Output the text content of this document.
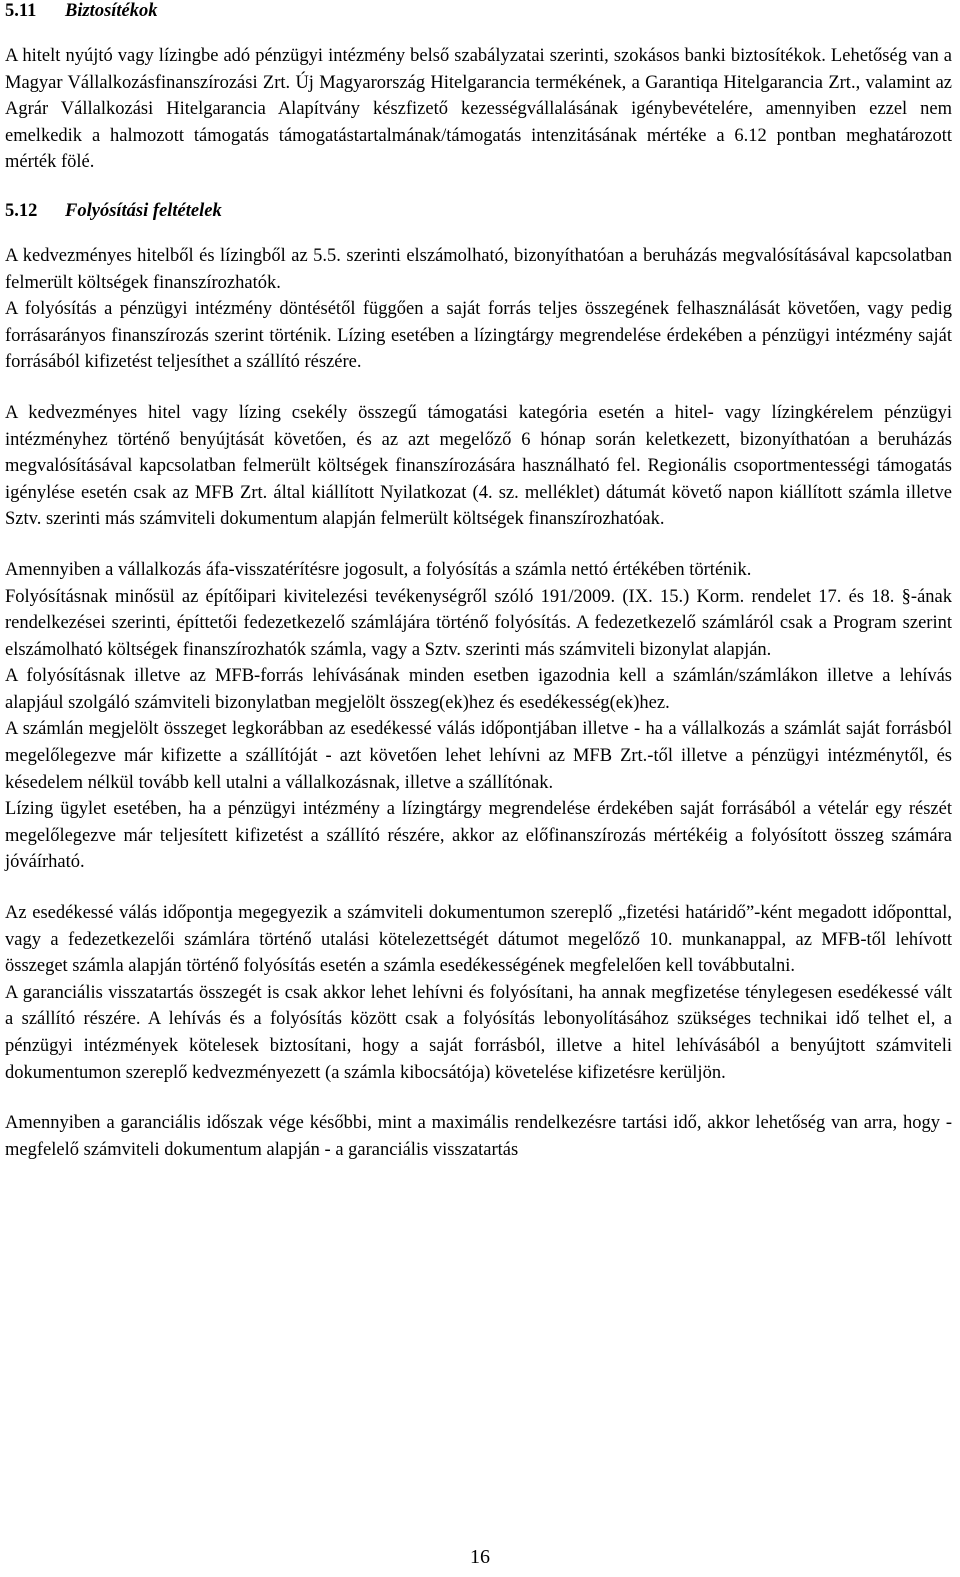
5.11 Biztosítékok

A hitelt nyújtó vagy lízingbe adó pénzügyi intézmény belső szabályzatai szerinti, szokásos banki biztosítékok. Lehetőség van a Magyar Vállalkozásfinanszírozási Zrt. Új Magyarország Hitelgarancia termékének, a Garantiqa Hitelgarancia Zrt., valamint az Agrár Vállalkozási Hitelgarancia Alapítvány készfizető kezességvállalásának igénybevételére, amennyiben ezzel nem emelkedik a halmozott támogatás támogatástartalmának/támogatás intenzitásának mértéke a 6.12 pontban meghatározott mérték fölé.

5.12 Folyósítási feltételek

A kedvezményes hitelből és lízingből az 5.5. szerinti elszámolható, bizonyíthatóan a beruházás megvalósításával kapcsolatban felmerült költségek finanszírozhatók.

A folyósítás a pénzügyi intézmény döntésétől függően a saját forrás teljes összegének felhasználását követően, vagy pedig forrásarányos finanszírozás szerint történik. Lízing esetében a lízingtárgy megrendelése érdekében a pénzügyi intézmény saját forrásából kifizetést teljesíthet a szállító részére.

A kedvezményes hitel vagy lízing csekély összegű támogatási kategória esetén a hitel- vagy lízingkérelem pénzügyi intézményhez történő benyújtását követően, és az azt megelőző 6 hónap során keletkezett, bizonyíthatóan a beruházás megvalósításával kapcsolatban felmerült költségek finanszírozására használható fel. Regionális csoportmentességi támogatás igénylése esetén csak az MFB Zrt. által kiállított Nyilatkozat (4. sz. melléklet) dátumát követő napon kiállított számla illetve Sztv. szerinti más számviteli dokumentum alapján felmerült költségek finanszírozhatóak.

Amennyiben a vállalkozás áfa-visszatérítésre jogosult, a folyósítás a számla nettó értékében történik.

Folyósításnak minősül az építőipari kivitelezési tevékenységről szóló 191/2009. (IX. 15.) Korm. rendelet 17. és 18. §-ának rendelkezései szerinti, építtetői fedezetkezelő számlájára történő folyósítás. A fedezetkezelő számláról csak a Program szerint elszámolható költségek finanszírozhatók számla, vagy a Sztv. szerinti más számviteli bizonylat alapján.

A folyósításnak illetve az MFB-forrás lehívásának minden esetben igazodnia kell a számlán/számlákon illetve a lehívás alapjául szolgáló számviteli bizonylatban megjelölt összeg(ek)hez és esedékesség(ek)hez.

A számlán megjelölt összeget legkorábban az esedékessé válás időpontjában illetve - ha a vállalkozás a számlát saját forrásból megelőlegezve már kifizette a szállítóját - azt követően lehet lehívni az MFB Zrt.-től illetve a pénzügyi intézménytől, és késedelem nélkül tovább kell utalni a vállalkozásnak, illetve a szállítónak.

Lízing ügylet esetében, ha a pénzügyi intézmény a lízingtárgy megrendelése érdekében saját forrásából a vételár egy részét megelőlegezve már teljesített kifizetést a szállító részére, akkor az előfinanszírozás mértékéig a folyósított összeg számára jóváírható.

Az esedékessé válás időpontja megegyezik a számviteli dokumentumon szereplő „fizetési határidő”-ként megadott időponttal, vagy a fedezetkezelői számlára történő utalási kötelezettségét dátumot megelőző 10. munkanappal, az MFB-től lehívott összeget számla alapján történő folyósítás esetén a számla esedékességének megfelelően kell továbbutalni.

A garanciális visszatartás összegét is csak akkor lehet lehívni és folyósítani, ha annak megfizetése ténylegesen esedékessé vált a szállító részére. A lehívás és a folyósítás között csak a folyósítás lebonyolításához szükséges technikai idő telhet el, a pénzügyi intézmények kötelesek biztosítani, hogy a saját forrásból, illetve a hitel lehívásából a benyújtott számviteli dokumentumon szereplő kedvezményezett (a számla kibocsátója) követelése kifizetésre kerüljön.

Amennyiben a garanciális időszak vége későbbi, mint a maximális rendelkezésre tartási idő, akkor lehetőség van arra, hogy - megfelelő számviteli dokumentum alapján - a garanciális visszatartás

16
